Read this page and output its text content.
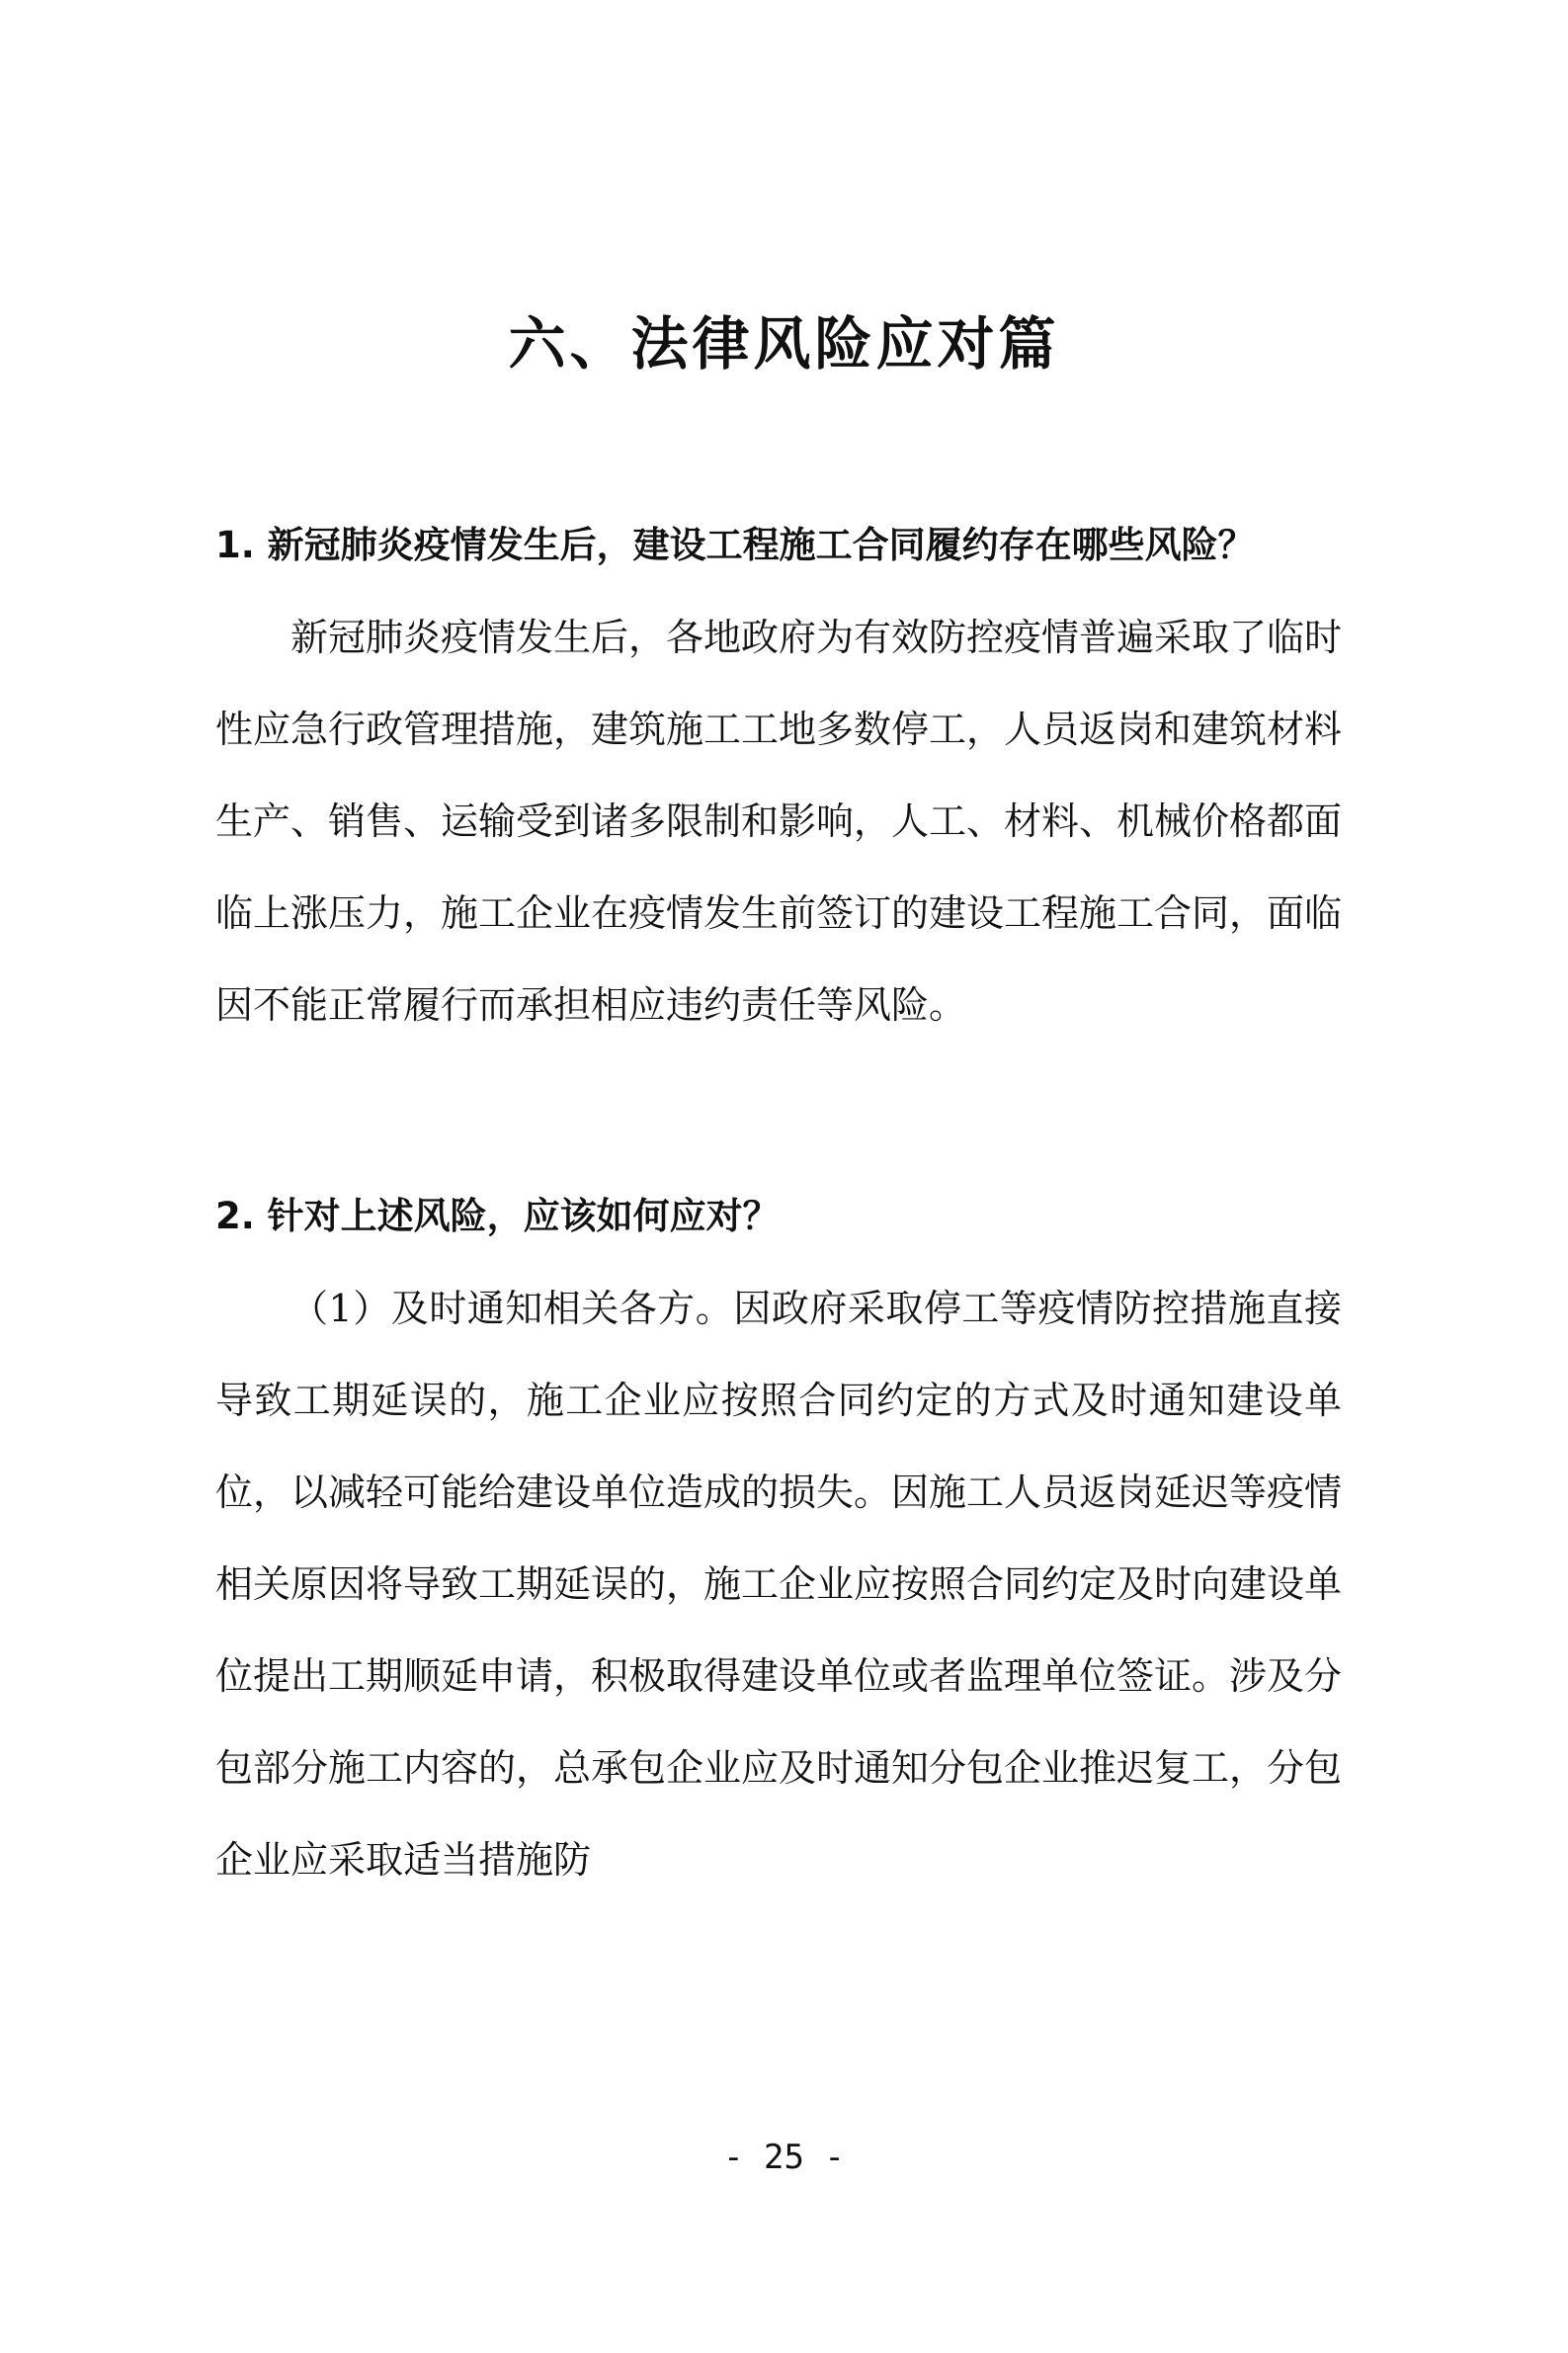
六、法律风险应对篇

1. 新冠肺炎疫情发生后，建设工程施工合同履约存在哪些风险？

新冠肺炎疫情发生后，各地政府为有效防控疫情普遍采取了临时性应急行政管理措施，建筑施工工地多数停工，人员返岗和建筑材料生产、销售、运输受到诸多限制和影响，人工、材料、机械价格都面临上涨压力，施工企业在疫情发生前签订的建设工程施工合同，面临因不能正常履行而承担相应违约责任等风险。

2. 针对上述风险，应该如何应对？

（1）及时通知相关各方。因政府采取停工等疫情防控措施直接导致工期延误的，施工企业应按照合同约定的方式及时通知建设单位，以减轻可能给建设单位造成的损失。因施工人员返岗延迟等疫情相关原因将导致工期延误的，施工企业应按照合同约定及时向建设单位提出工期顺延申请，积极取得建设单位或者监理单位签证。涉及分包部分施工内容的，总承包企业应及时通知分包企业推迟复工，分包企业应采取适当措施防

- 25 -
